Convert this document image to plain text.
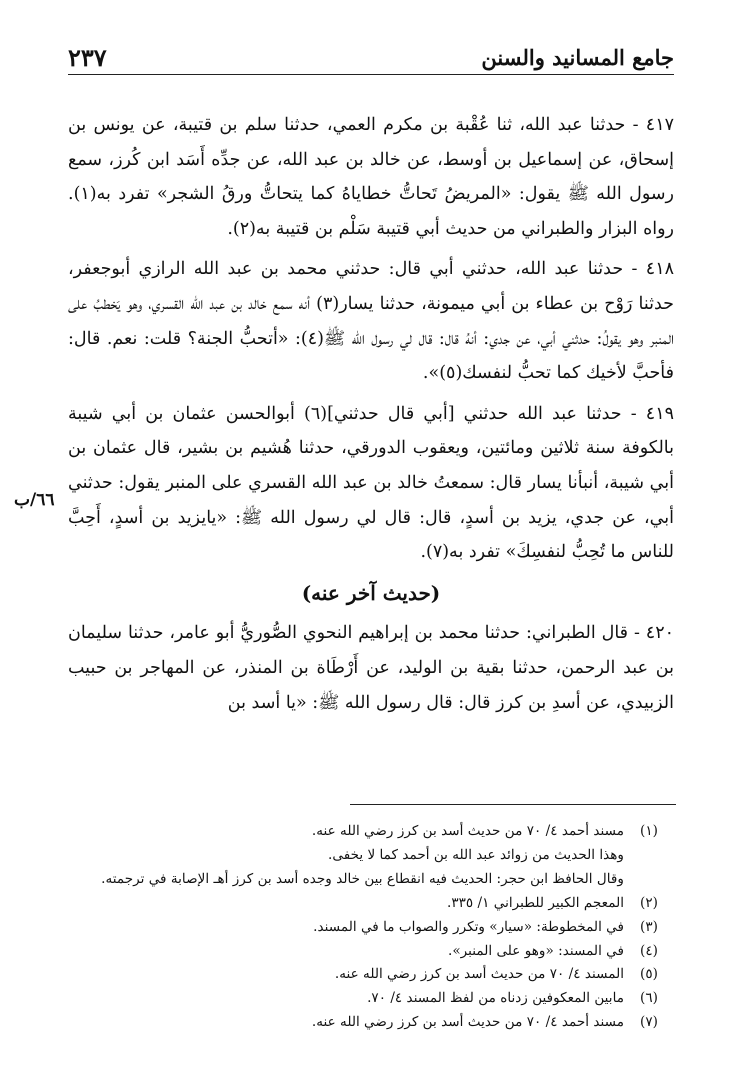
جامع المسانيد والسنن
٢٣٧
٦٦/ب

٤١٧ - حدثنا عبد الله، ثنا عُقْبة بن مكرم العمي، حدثنا سلم بن قتيبة، عن يونس بن إسحاق، عن إسماعيل بن أوسط، عن خالد بن عبد الله، عن جدِّه أَسَد ابن كُرز، سمع رسول الله ﷺ يقول: «المريضُ تَحاتُّ خطاياهُ كما يتحاتُّ ورقُ الشجر» تفرد به(١). رواه البزار والطبراني من حديث أبي قتيبة سَلْم بن قتيبة به(٢).

٤١٨ - حدثنا عبد الله، حدثني أبي قال: حدثني محمد بن عبد الله الرازي أبوجعفر، حدثنا رَوْح بن عطاء بن أبي ميمونة، حدثنا يسار(٣) أنه سمع خالد بن عبد الله القسري، وهو يَخطبُ على المنبر وهو يقولُ: حدثني أبي، عن جدي: أنهُ قال: قال لي رسول الله ﷺ(٤): «أتحبُّ الجنة؟ قلت: نعم. قال: فأحبَّ لأخيك كما تحبُّ لنفسك(٥)».

٤١٩ - حدثنا عبد الله حدثني [أبي قال حدثني](٦) أبوالحسن عثمان بن أبي شيبة بالكوفة سنة ثلاثين ومائتين، ويعقوب الدورقي، حدثنا هُشيم بن بشير، قال عثمان بن أبي شيبة، أنبأنا يسار قال: سمعتُ خالد بن عبد الله القسري على المنبر يقول: حدثني أبي، عن جدي، يزيد بن أسدٍ، قال: قال لي رسول الله ﷺ: «يايزيد بن أسدٍ، أَحِبَّ للناس ما تُحِبُّ لنفسِكَ» تفرد به(٧).

(حديث آخر عنه)

٤٢٠ - قال الطبراني: حدثنا محمد بن إبراهيم النحوي الصُّوريُّ أبو عامر، حدثنا سليمان بن عبد الرحمن، حدثنا بقية بن الوليد، عن أَرْطَاة بن المنذر، عن المهاجر بن حبيب الزبيدي، عن أسدِ بن كرز قال: قال رسول الله ﷺ: «يا أسد بن

(١)
مسند أحمد ٤/ ٧٠ من حديث أسد بن كرز رضي الله عنه.
وهذا الحديث من زوائد عبد الله بن أحمد كما لا يخفى.
وقال الحافظ ابن حجر: الحديث فيه انقطاع بين خالد وجده أسد بن كرز أهـ الإصابة في ترجمته.
(٢)
المعجم الكبير للطبراني ١/ ٣٣٥.
(٣)
في المخطوطة: «سيار» وتكرر والصواب ما في المسند.
(٤)
في المسند: «وهو على المنبر».
(٥)
المسند ٤/ ٧٠ من حديث أسد بن كرز رضي الله عنه.
(٦)
مابين المعكوفين زدناه من لفظ المسند ٤/ ٧٠.
(٧)
مسند أحمد ٤/ ٧٠ من حديث أسد بن كرز رضي الله عنه.
